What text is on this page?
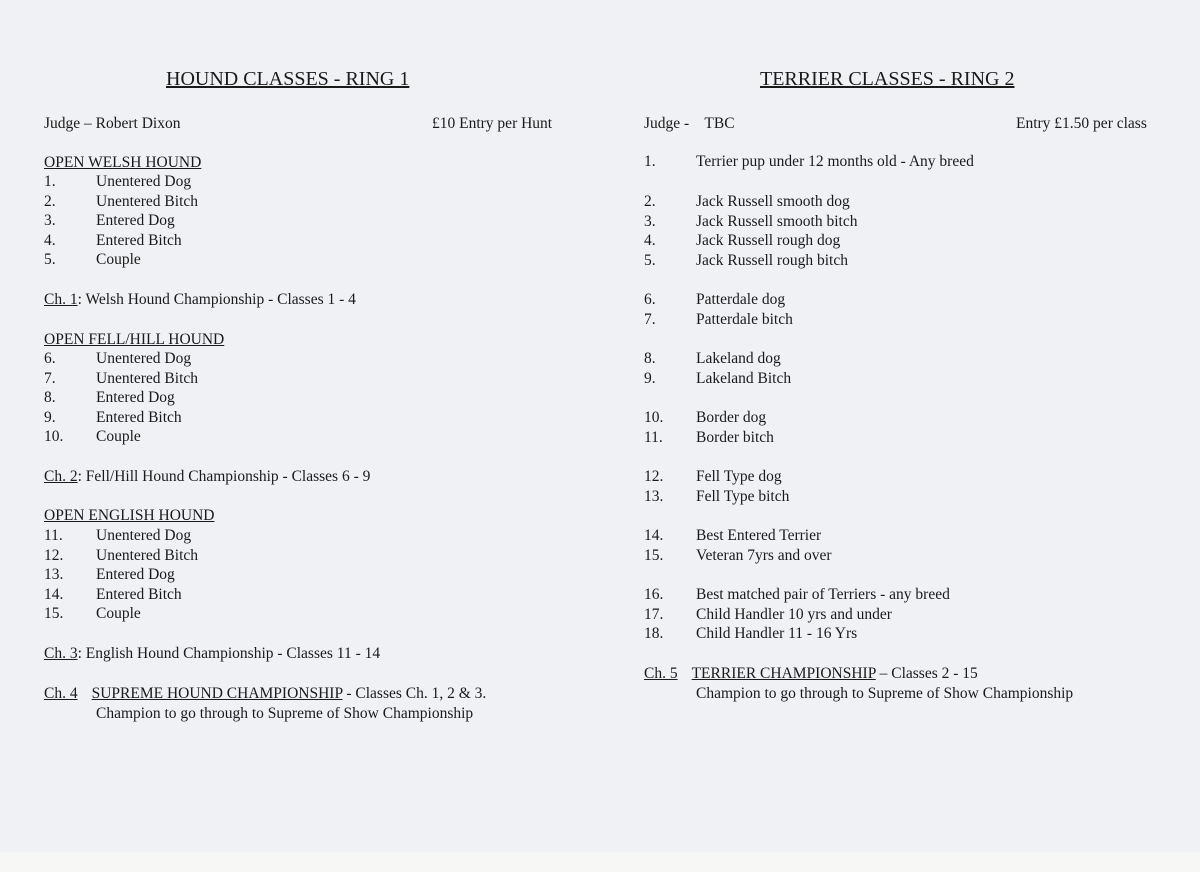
HOUND CLASSES - RING 1
Judge – Robert Dixon	£10 Entry per Hunt
OPEN WELSH HOUND
1.	Unentered Dog
2.	Unentered Bitch
3.	Entered Dog
4.	Entered Bitch
5.	Couple
Ch. 1: Welsh Hound Championship - Classes 1 - 4
OPEN FELL/HILL HOUND
6.	Unentered Dog
7.	Unentered Bitch
8.	Entered Dog
9.	Entered Bitch
10. Couple
Ch. 2: Fell/Hill Hound Championship - Classes 6 - 9
OPEN ENGLISH HOUND
11. Unentered Dog
12. Unentered Bitch
13. Entered Dog
14. Entered Bitch
15. Couple
Ch. 3: English Hound Championship - Classes 11 - 14
Ch. 4 SUPREME HOUND CHAMPIONSHIP - Classes Ch. 1, 2 & 3.
Champion to go through to Supreme of Show Championship
TERRIER CLASSES - RING 2
Judge -    TBC	Entry £1.50 per class
1.	Terrier pup under 12 months old - Any breed
2.	Jack Russell smooth dog
3.	Jack Russell smooth bitch
4.	Jack Russell rough dog
5.	Jack Russell rough bitch
6.	Patterdale dog
7.	Patterdale bitch
8.	Lakeland dog
9.	Lakeland Bitch
10. Border dog
11. Border bitch
12. Fell Type dog
13. Fell Type bitch
14. Best Entered Terrier
15. Veteran 7yrs and over
16. Best matched pair of Terriers - any breed
17. Child Handler 10 yrs and under
18. Child Handler 11 - 16 Yrs
Ch. 5 TERRIER CHAMPIONSHIP – Classes 2 - 15
Champion to go through to Supreme of Show Championship
